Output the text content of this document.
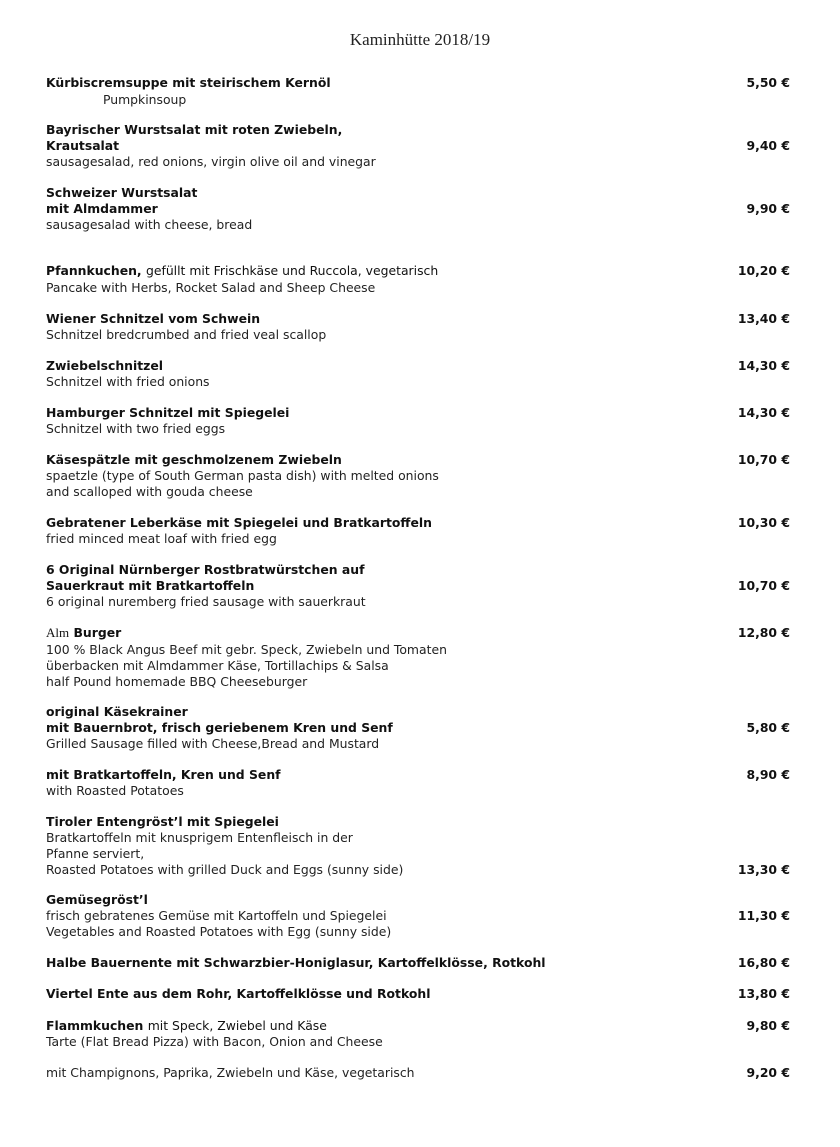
Kaminhütte 2018/19
Kürbiscremsuppe mit steirischem Kernöl
Pumpkinsoup
5,50 €
Bayrischer Wurstsalat mit roten Zwiebeln,
Krautsalat
sausagesalad, red onions, virgin olive oil and vinegar
9,40 €
Schweizer Wurstsalat
mit Almdammer
sausagesalad with cheese, bread
9,90 €
Pfannkuchen, gefüllt mit Frischkäse und Ruccola, vegetarisch
Pancake with Herbs, Rocket Salad and Sheep Cheese
10,20 €
Wiener Schnitzel vom Schwein
Schnitzel bredcrumbed and fried veal scallop
13,40 €
Zwiebelschnitzel
Schnitzel with fried onions
14,30 €
Hamburger Schnitzel mit Spiegelei
Schnitzel with two fried eggs
14,30 €
Käsespätzle mit geschmolzenem Zwiebeln
spaetzle (type of South German pasta dish) with melted onions
and scalloped with gouda cheese
10,70 €
Gebratener Leberkäse mit Spiegelei und Bratkartoffeln
fried minced meat loaf with fried egg
10,30 €
6 Original Nürnberger Rostbratwürstchen auf
Sauerkraut mit Bratkartoffeln
6 original nuremberg fried sausage with sauerkraut
10,70 €
Alm Burger
100 % Black Angus Beef mit gebr. Speck, Zwiebeln und Tomaten
überbacken mit Almdammer Käse, Tortillachips & Salsa
half Pound homemade BBQ Cheeseburger
12,80 €
original Käsekrainer
mit Bauernbrot, frisch geriebenem Kren und Senf
Grilled Sausage filled with Cheese,Bread and Mustard
5,80 €
mit Bratkartoffeln, Kren und Senf
with Roasted Potatoes
8,90 €
Tiroler Entengröst’l mit Spiegelei
Bratkartoffeln mit knusprigem Entenfleisch in der
Pfanne serviert,
Roasted Potatoes with grilled Duck and Eggs (sunny side)	13,30 €
Gemüsegröst’l
frisch gebratenes Gemüse mit Kartoffeln und Spiegelei
Vegetables and Roasted Potatoes with Egg (sunny side)
11,30 €
Halbe Bauernente mit Schwarzbier-Honiglasur, Kartoffelklösse, Rotkohl	16,80 €
Viertel Ente aus dem Rohr, Kartoffelklösse und Rotkohl	13,80 €
Flammkuchen mit Speck, Zwiebel und Käse
Tarte (Flat Bread Pizza) with Bacon, Onion and Cheese
9,80 €
mit Champignons, Paprika, Zwiebeln und Käse, vegetarisch	9,20 €
